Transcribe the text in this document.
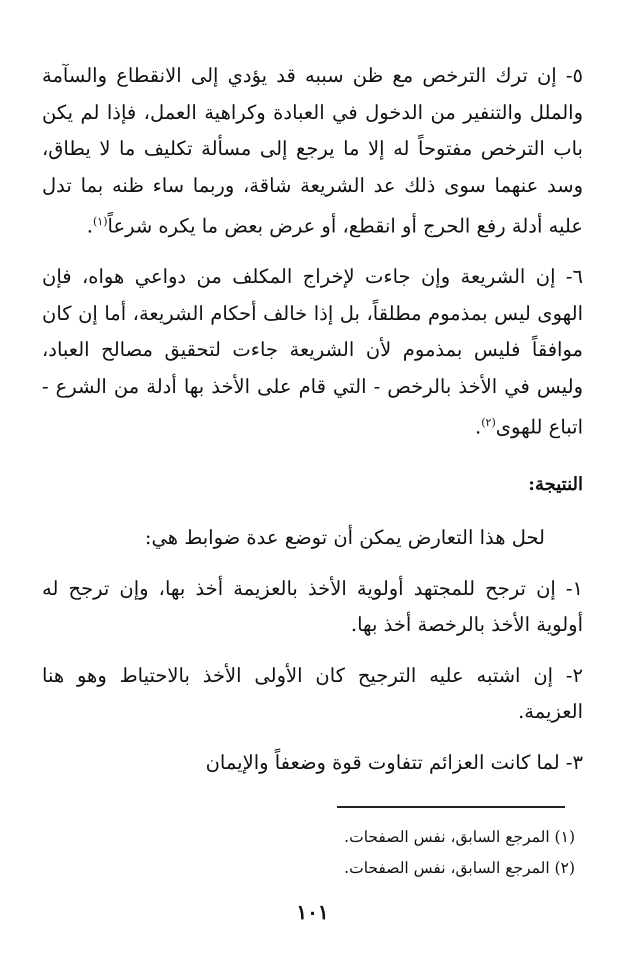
٥- إن ترك الترخص مع ظن سببه قد يؤدي إلى الانقطاع والسآمة والملل والتنفير من الدخول في العبادة وكراهية العمل، فإذا لم يكن باب الترخص مفتوحاً له إلا ما يرجع إلى مسألة تكليف ما لا يطاق، وسد عنهما سوى ذلك عد الشريعة شاقة، وربما ساء ظنه بما تدل عليه أدلة رفع الحرج أو انقطع، أو عرض بعض ما يكره شرعاً$^{(١)}$.

٦- إن الشريعة وإن جاءت لإخراج المكلف من دواعي هواه، فإن الهوى ليس بمذموم مطلقاً، بل إذا خالف أحكام الشريعة، أما إن كان موافقاً فليس بمذموم لأن الشريعة جاءت لتحقيق مصالح العباد، وليس في الأخذ بالرخص - التي قام على الأخذ بها أدلة من الشرع - اتباع للهوى$^{(٢)}$.

النتيجة:

لحل هذا التعارض يمكن أن توضع عدة ضوابط هي:

١- إن ترجح للمجتهد أولوية الأخذ بالعزيمة أخذ بها، وإن ترجح له أولوية الأخذ بالرخصة أخذ بها.

٢- إن اشتبه عليه الترجيح كان الأولى الأخذ بالاحتياط وهو هنا العزيمة.

٣- لما كانت العزائم تتفاوت قوة وضعفاً والإيمان

(١) المرجع السابق، نفس الصفحات.
(٢) المرجع السابق، نفس الصفحات.
١٠١
